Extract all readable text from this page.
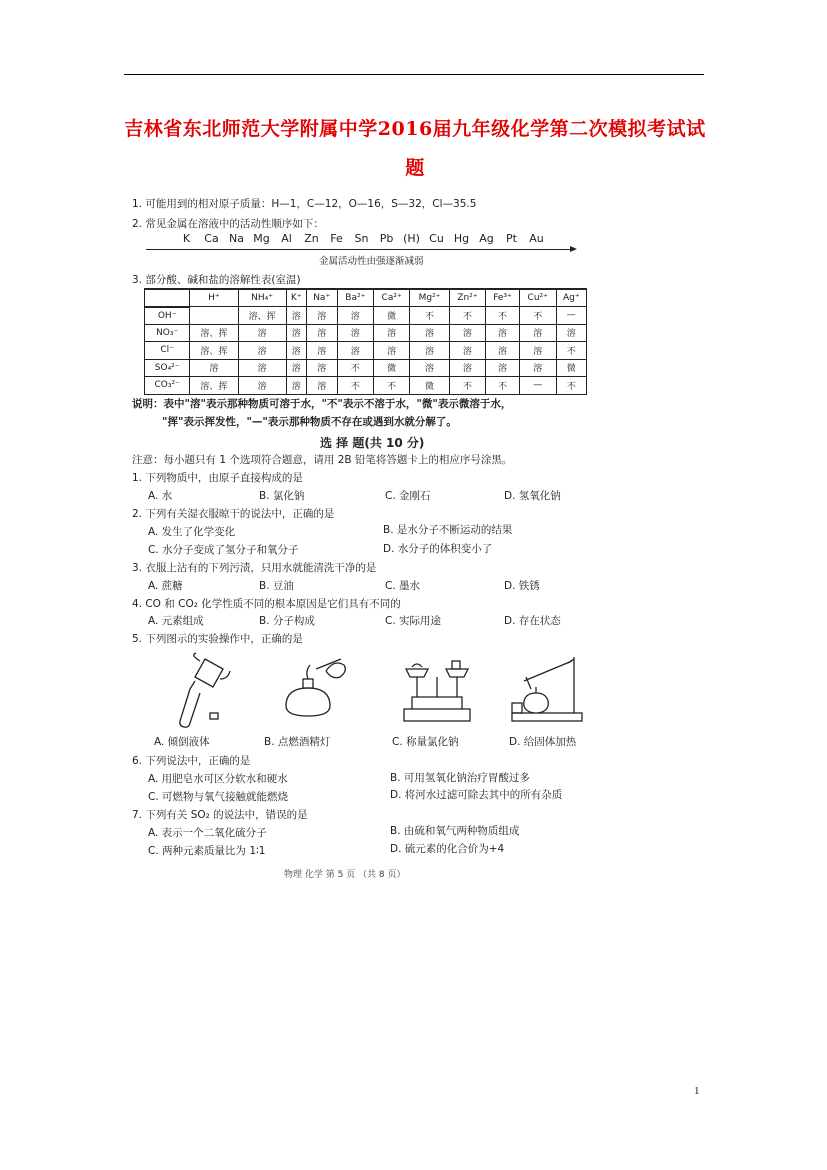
吉林省东北师范大学附属中学2016届九年级化学第二次模拟考试试
题
1. 可能用到的相对原子质量：H—1，C—12，O—16，S—32，Cl—35.5
2. 常见金属在溶液中的活动性顺序如下：
K	Ca Na Mg	Al	Zn	Fe	Sn	Pb (H) Cu Hg Ag	Pt	Au
金属活动性由强逐渐减弱
3. 部分酸、碱和盐的溶解性表(室温)
	H⁺	NH₄⁺	K⁺	Na⁺	Ba²⁺	Ca²⁺	Mg²⁺	Zn²⁺	Fe³⁺	Cu²⁺	Ag⁺
OH⁻		溶、挥	溶	溶	溶	微	不	不	不	不	—
NO₃⁻	溶、挥	溶	溶	溶	溶	溶	溶	溶	溶	溶	溶
Cl⁻	溶、挥	溶	溶	溶	溶	溶	溶	溶	溶	溶	不
SO₄²⁻	溶	溶	溶	溶	不	微	溶	溶	溶	溶	微
CO₃²⁻	溶、挥	溶	溶	溶	不	不	微	不	不	—	不
说明：表中"溶"表示那种物质可溶于水，"不"表示不溶于水，"微"表示微溶于水，
"挥"表示挥发性，"—"表示那种物质不存在或遇到水就分解了。
选 择 题(共 10 分)
注意：每小题只有 1 个选项符合题意，请用 2B 铅笔将答题卡上的相应序号涂黑。
1. 下列物质中，由原子直接构成的是
A. 水	B. 氯化钠	C. 金刚石	D. 氢氧化钠
2. 下列有关湿衣服晾干的说法中，正确的是
A. 发生了化学变化	B. 是水分子不断运动的结果
C. 水分子变成了氢分子和氧分子	D. 水分子的体积变小了
3. 衣服上沾有的下列污渍，只用水就能清洗干净的是
A. 蔗糖	B. 豆油	C. 墨水	D. 铁锈
4. CO 和 CO₂ 化学性质不同的根本原因是它们具有不同的
A. 元素组成	B. 分子构成	C. 实际用途	D. 存在状态
5. 下列图示的实验操作中，正确的是
A. 倾倒液体	B. 点燃酒精灯	C. 称量氯化钠	D. 给固体加热
6. 下列说法中，正确的是
A. 用肥皂水可区分软水和硬水	B. 可用氢氧化钠治疗胃酸过多
C. 可燃物与氧气接触就能燃烧	D. 将河水过滤可除去其中的所有杂质
7. 下列有关 SO₂ 的说法中，错误的是
A. 表示一个二氧化硫分子	B. 由硫和氧气两种物质组成
C. 两种元素质量比为 1∶1	D. 硫元素的化合价为+4
物理 化学 第 5 页 （共 8 页）
1
